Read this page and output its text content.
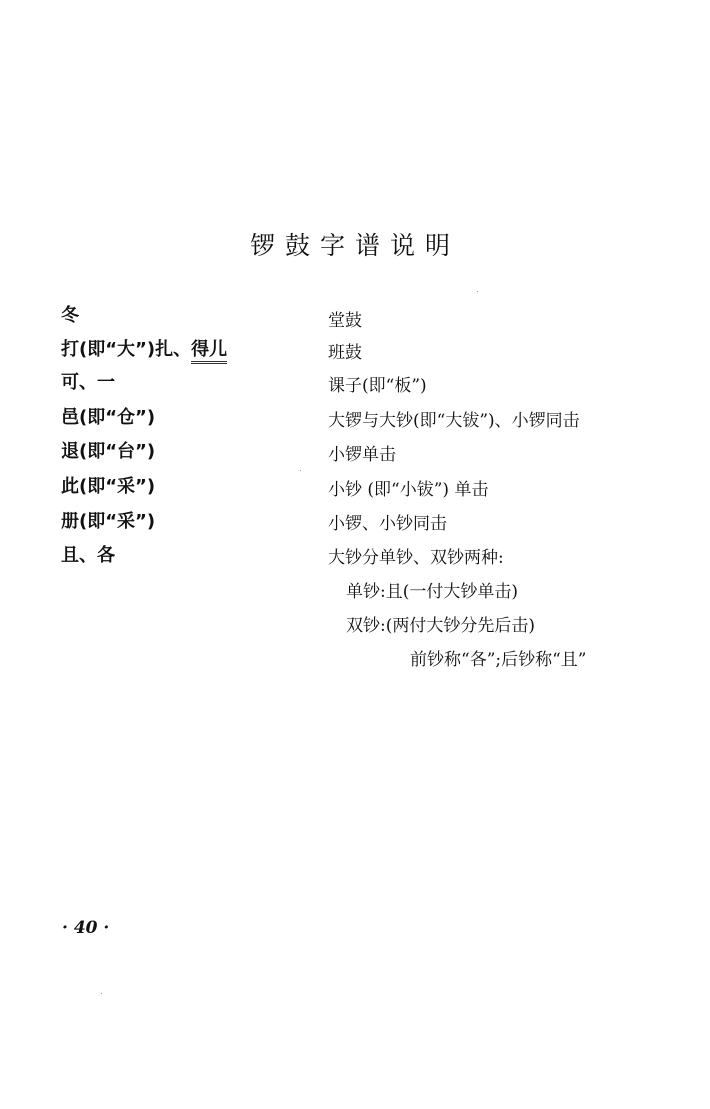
锣鼓字谱说明
冬
打(即“大”)扎、得儿
可、一
邑(即“仓”)
退(即“台”)
此(即“采”)
册(即“采”)
且、各
堂鼓
班鼓
课子(即“板”)
大锣与大钞(即“大钹”)、小锣同击
小锣单击
小钞 (即“小钹”) 单击
小锣、小钞同击
大钞分单钞、双钞两种:
单钞:且(一付大钞单击)
双钞:(两付大钞分先后击)
前钞称“各”;后钞称“且”
· 40 ·
